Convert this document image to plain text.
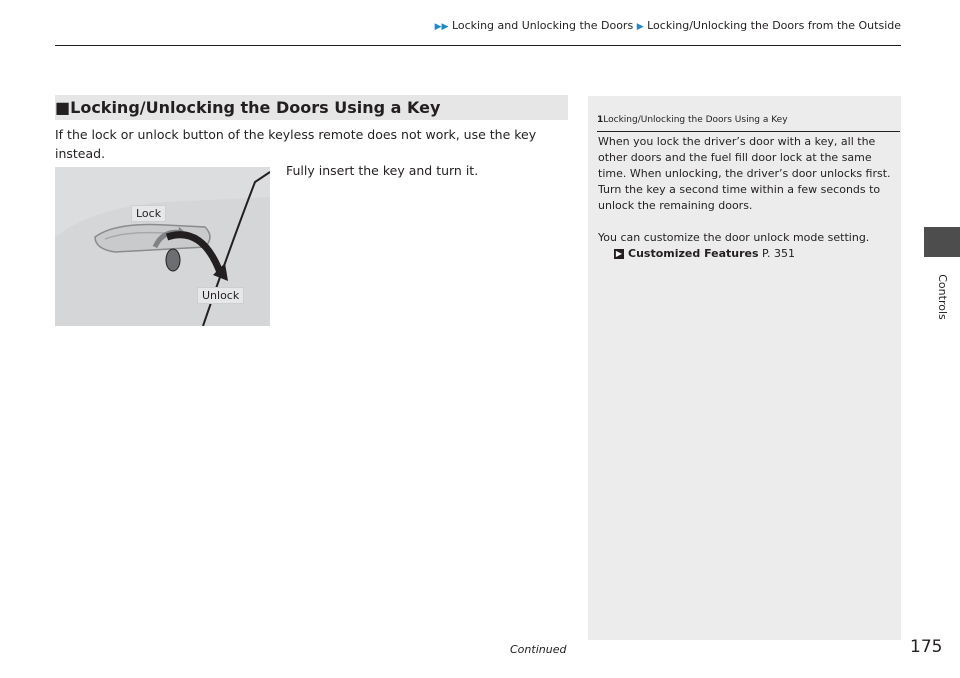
▶▶ Locking and Unlocking the Doors ▶ Locking/Unlocking the Doors from the Outside
■Locking/Unlocking the Doors Using a Key
If the lock or unlock button of the keyless remote does not work, use the key instead.
Lock
Unlock
Fully insert the key and turn it.
1Locking/Unlocking the Doors Using a Key

When you lock the driver’s door with a key, all the other doors and the fuel fill door lock at the same time. When unlocking, the driver’s door unlocks first. Turn the key a second time within a few seconds to unlock the remaining doors.

You can customize the door unlock mode setting.

▶ Customized Features P. 351
Controls
Continued	175
